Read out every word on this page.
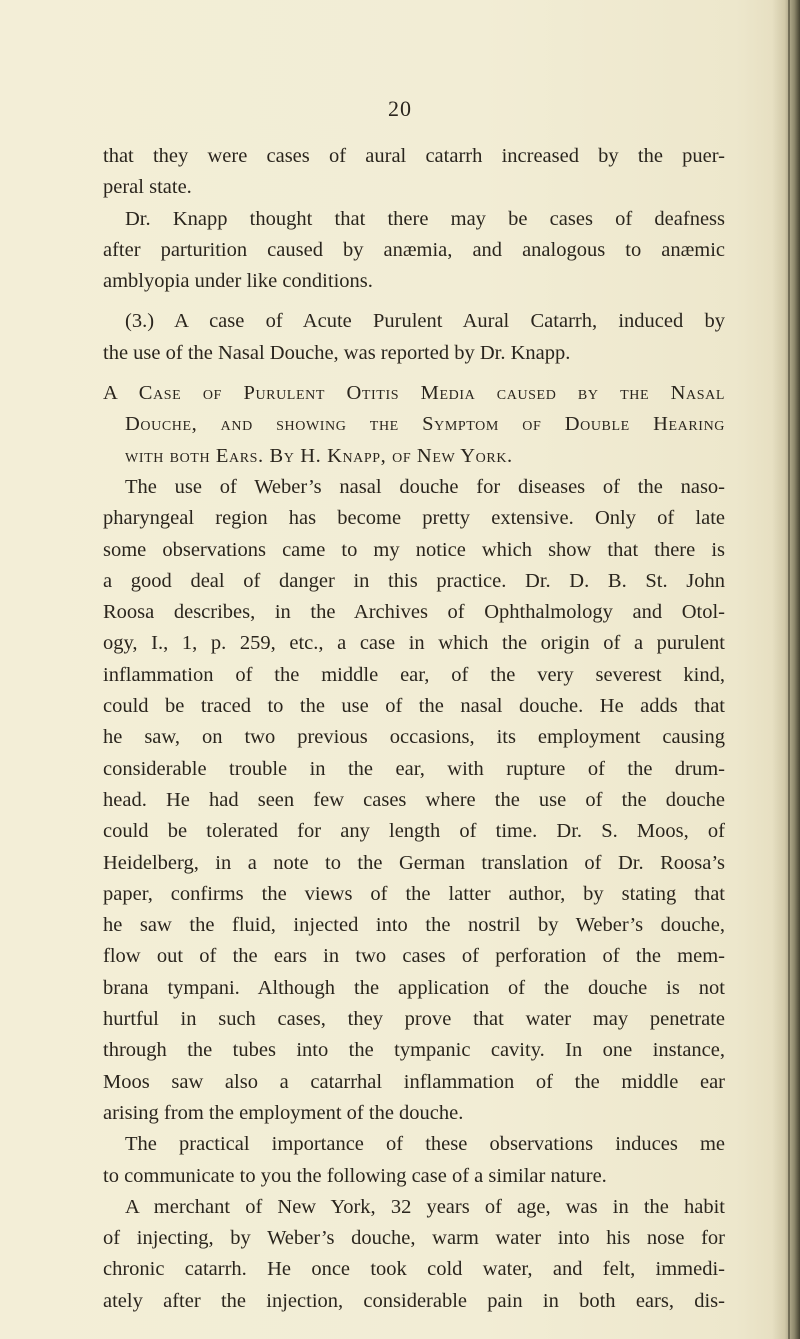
20
that they were cases of aural catarrh increased by the puer-
peral state.
Dr. Knapp thought that there may be cases of deafness
after parturition caused by anæmia, and analogous to anæmic
amblyopia under like conditions.
(3.) A case of Acute Purulent Aural Catarrh, induced by
the use of the Nasal Douche, was reported by Dr. Knapp.
A Case of Purulent Otitis Media caused by the Nasal
Douche, and showing the Symptom of Double Hearing
with both Ears. By H. Knapp, of New York.
The use of Weber’s nasal douche for diseases of the naso-
pharyngeal region has become pretty extensive. Only of late
some observations came to my notice which show that there is
a good deal of danger in this practice. Dr. D. B. St. John
Roosa describes, in the Archives of Ophthalmology and Otol-
ogy, I., 1, p. 259, etc., a case in which the origin of a purulent
inflammation of the middle ear, of the very severest kind,
could be traced to the use of the nasal douche. He adds that
he saw, on two previous occasions, its employment causing
considerable trouble in the ear, with rupture of the drum-
head. He had seen few cases where the use of the douche
could be tolerated for any length of time. Dr. S. Moos, of
Heidelberg, in a note to the German translation of Dr. Roosa’s
paper, confirms the views of the latter author, by stating that
he saw the fluid, injected into the nostril by Weber’s douche,
flow out of the ears in two cases of perforation of the mem-
brana tympani. Although the application of the douche is not
hurtful in such cases, they prove that water may penetrate
through the tubes into the tympanic cavity. In one instance,
Moos saw also a catarrhal inflammation of the middle ear
arising from the employment of the douche.
The practical importance of these observations induces me
to communicate to you the following case of a similar nature.
A merchant of New York, 32 years of age, was in the habit
of injecting, by Weber’s douche, warm water into his nose for
chronic catarrh. He once took cold water, and felt, immedi-
ately after the injection, considerable pain in both ears, dis-
